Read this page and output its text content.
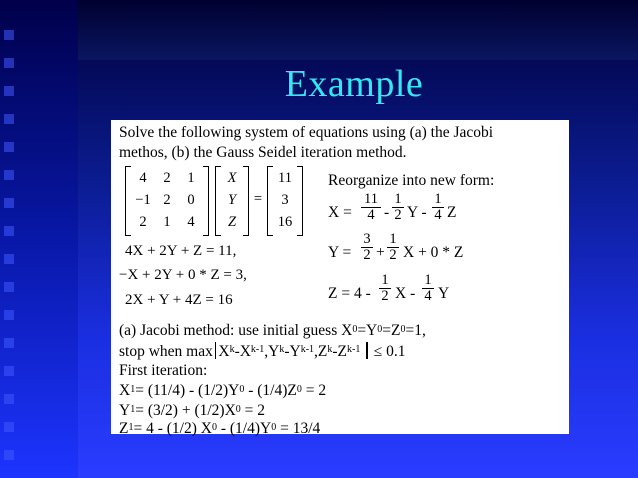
Example
Solve the following system of equations using (a) the Jacobi
methos, (b) the Gauss Seidel iteration method.
4	2	1
−1 2	0
2	1	4
X
Y
Z
=
11
3
16
Reorganize into new form:
4X + 2Y + Z = 11,
−X + 2Y + 0 * Z = 3,
2X + Y + 4Z = 16
$X = \frac{11}{4} - \frac{1}{2}$ Y - $\frac{1}{4}$ Z
$Y = \frac{3}{2} + \frac{1}{2}$ X + 0 * Z
$Z = 4 - \frac{1}{2}$ X - $\frac{1}{4}$ Y
(a) Jacobi method: use initial guess $X^0=Y^0=Z^0=1$,
stop when $\max X^k-X^{k-1},Y^k-Y^{k-1},Z^k-Z^{k-1} \le 0.1$
First iteration:
$X^1= (11/4) - (1/2)Y^0 - (1/4)Z^0 = 2$
$Y^1= (3/2) + (1/2)X^0 = 2$
$Z^1= 4 - (1/2)$ $X^0 - (1/4)Y^0 = 13/4$
